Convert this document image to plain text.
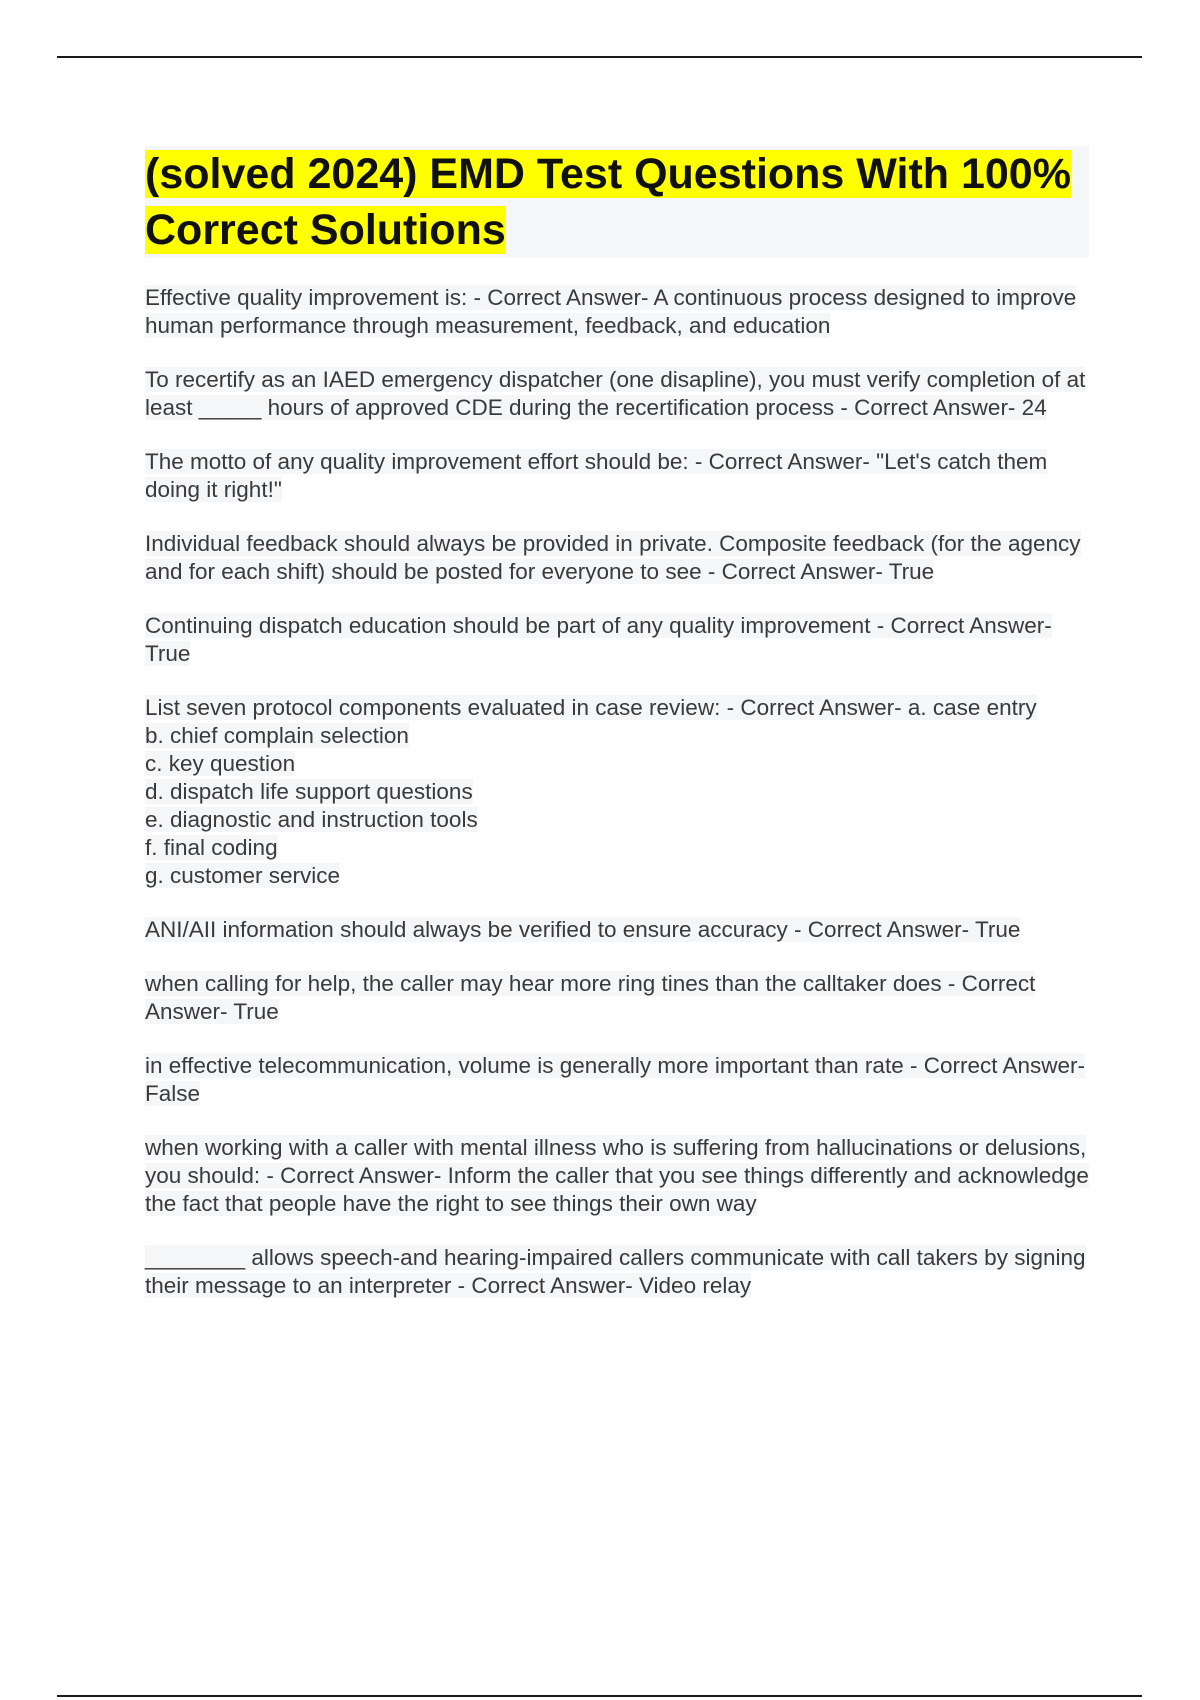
(solved 2024) EMD Test Questions With 100% Correct Solutions

Effective quality improvement is: - Correct Answer- A continuous process designed to improve human performance through measurement, feedback, and education

To recertify as an IAED emergency dispatcher (one disapline), you must verify completion of at least _____ hours of approved CDE during the recertification process - Correct Answer- 24

The motto of any quality improvement effort should be: - Correct Answer- "Let's catch them doing it right!"

Individual feedback should always be provided in private. Composite feedback (for the agency and for each shift) should be posted for everyone to see - Correct Answer- True

Continuing dispatch education should be part of any quality improvement - Correct Answer- True

List seven protocol components evaluated in case review: - Correct Answer- a. case entry
b. chief complain selection
c. key question
d. dispatch life support questions
e. diagnostic and instruction tools
f. final coding
g. customer service

ANI/AII information should always be verified to ensure accuracy - Correct Answer- True

when calling for help, the caller may hear more ring tines than the calltaker does - Correct Answer- True

in effective telecommunication, volume is generally more important than rate - Correct Answer- False

when working with a caller with mental illness who is suffering from hallucinations or delusions, you should: - Correct Answer- Inform the caller that you see things differently and acknowledge the fact that people have the right to see things their own way

________ allows speech-and hearing-impaired callers communicate with call takers by signing their message to an interpreter - Correct Answer- Video relay
